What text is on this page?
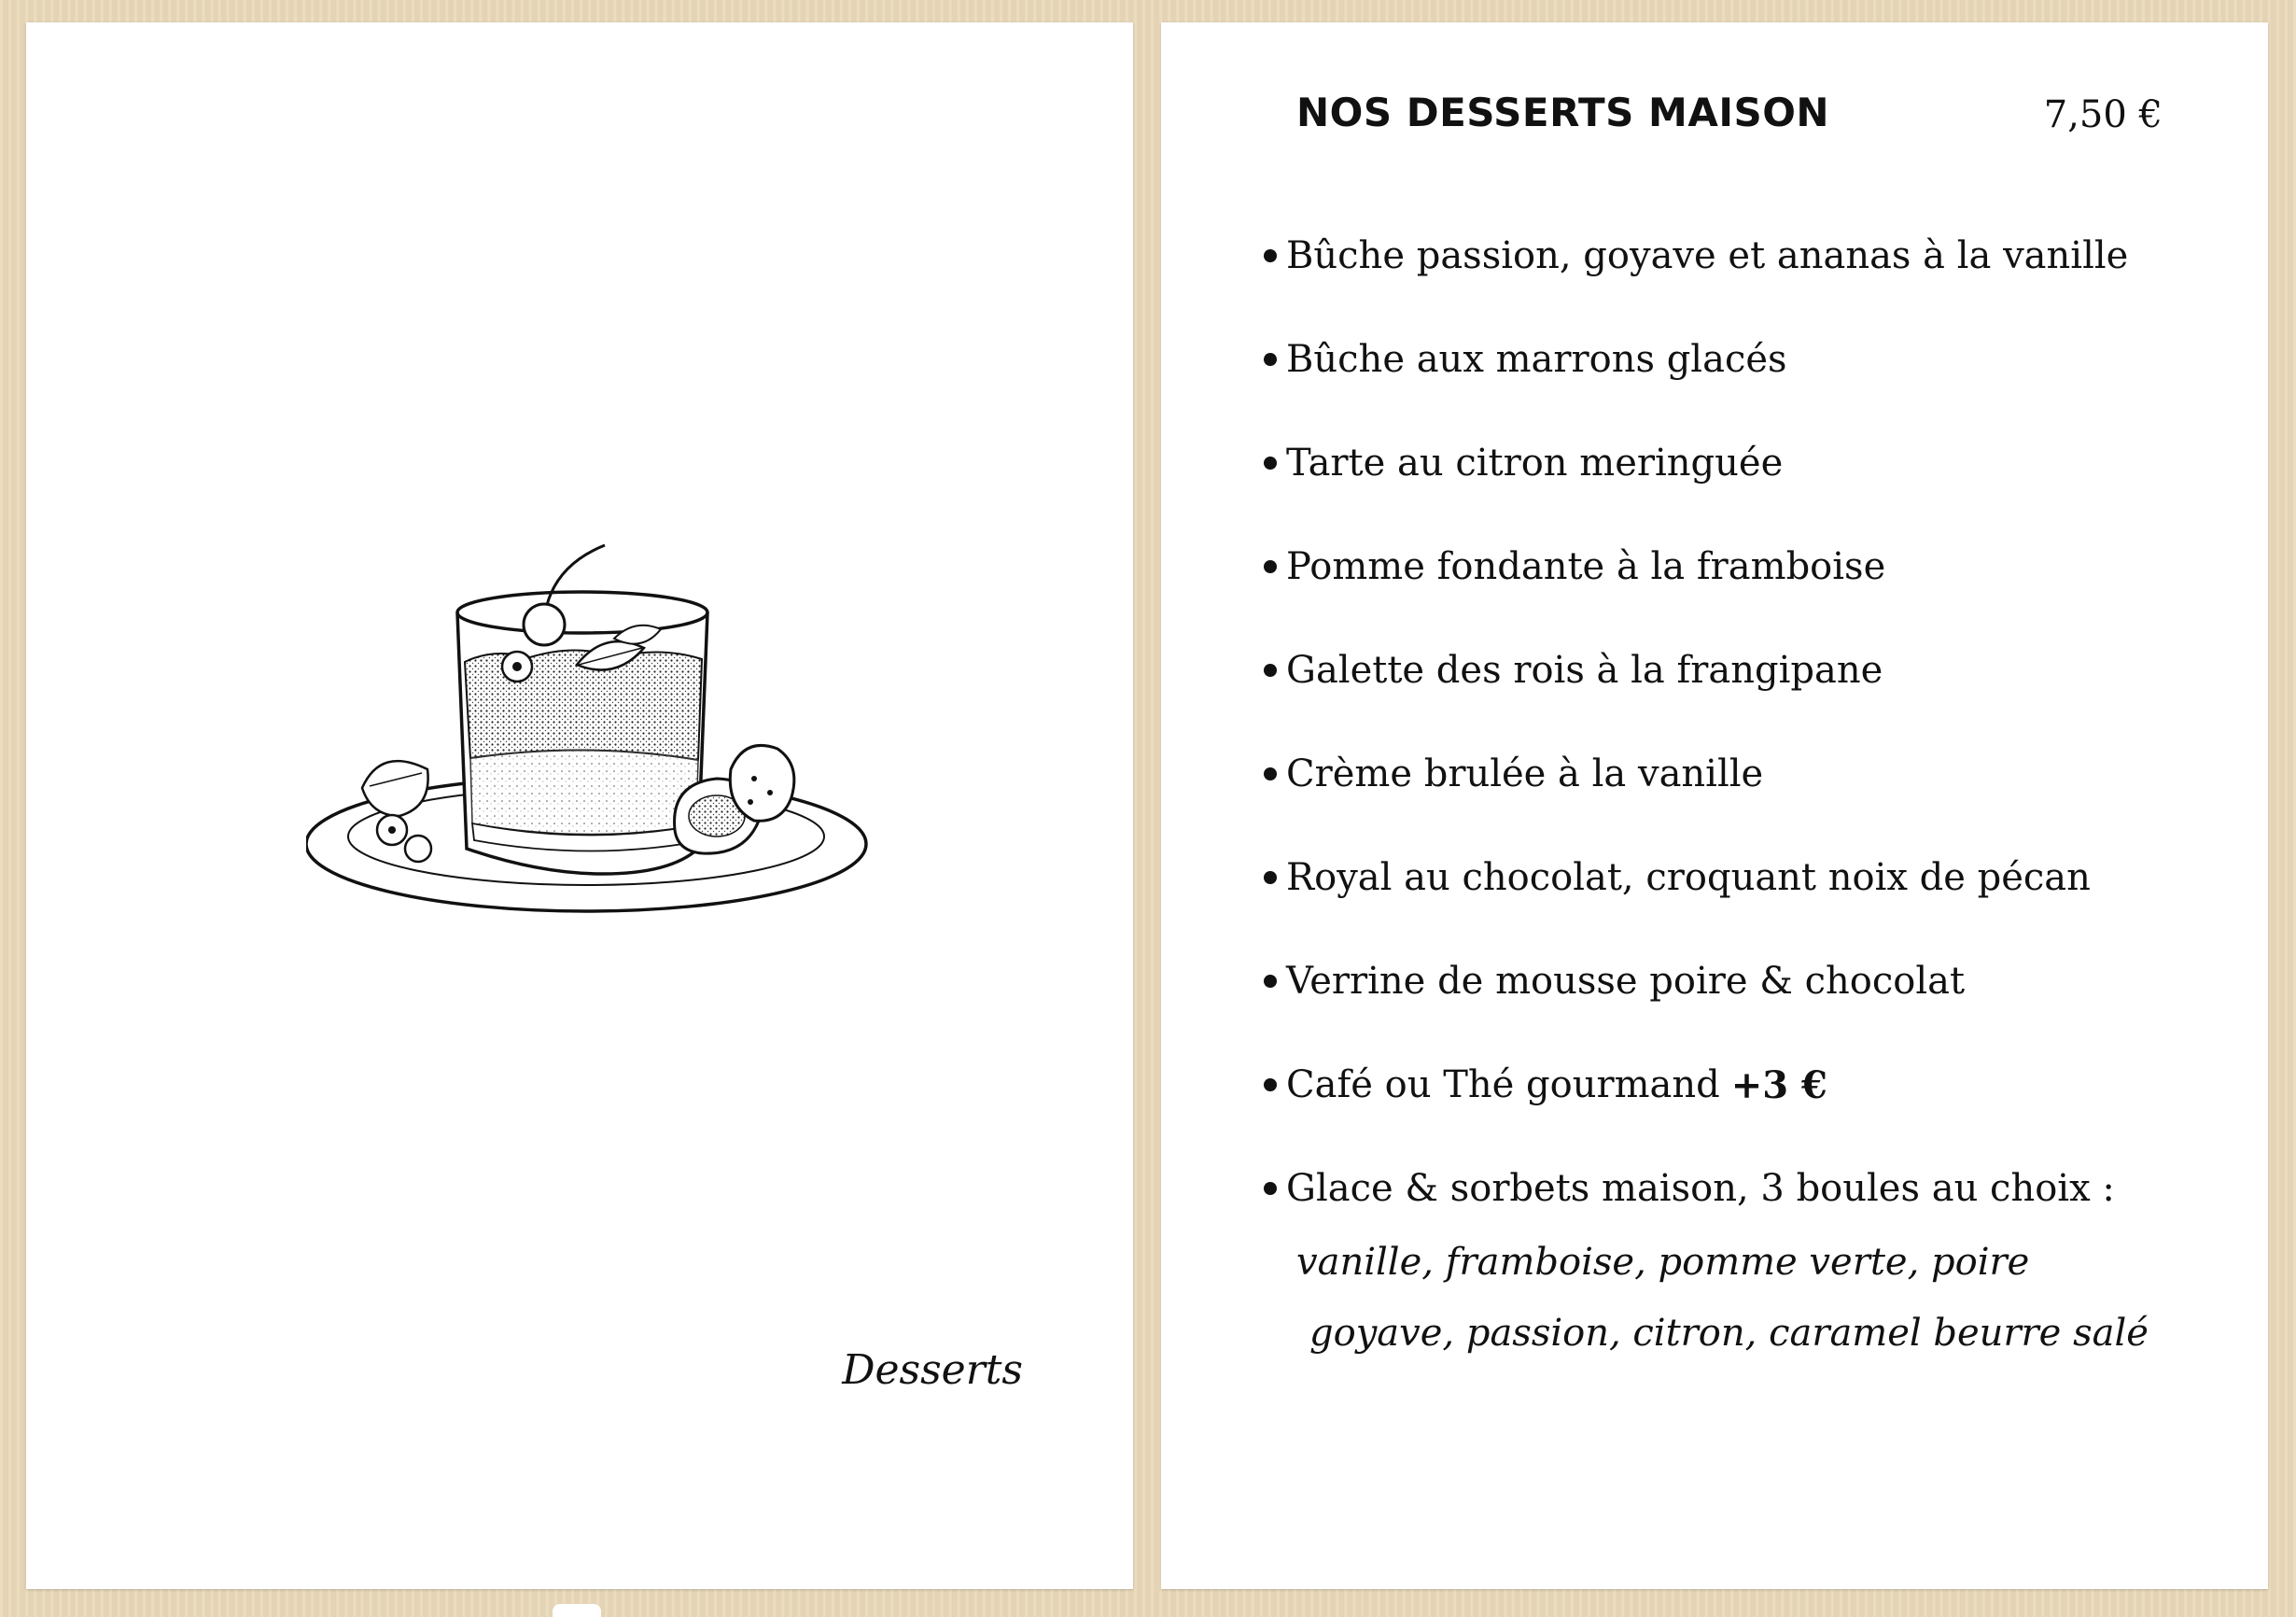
Desserts
NOS DESSERTS MAISON	7,50 €
Bûche passion, goyave et ananas à la vanille
Bûche aux marrons glacés
Tarte au citron meringuée
Pomme fondante à la framboise
Galette des rois à la frangipane
Crème brulée à la vanille
Royal au chocolat, croquant noix de pécan
Verrine de mousse poire & chocolat
Café ou Thé gourmand +3 €
Glace & sorbets maison, 3 boules au choix :
vanille, framboise, pomme verte, poire
goyave, passion, citron, caramel beurre salé
